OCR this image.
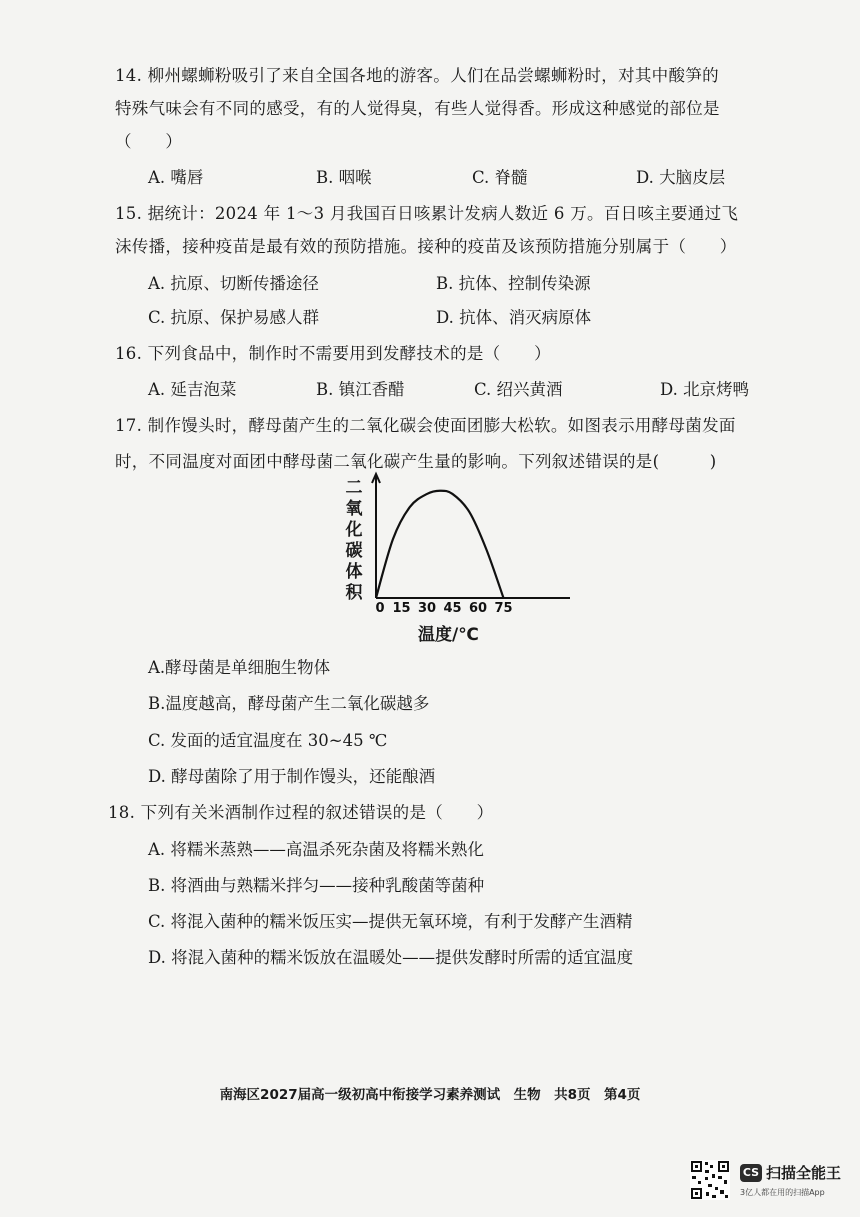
14. 柳州螺蛳粉吸引了来自全国各地的游客。人们在品尝螺蛳粉时，对其中酸笋的
特殊气味会有不同的感受，有的人觉得臭，有些人觉得香。形成这种感觉的部位是
（　　）
A. 嘴唇	B. 咽喉	C. 脊髓	D. 大脑皮层
15. 据统计：2024 年 1～3 月我国百日咳累计发病人数近 6 万。百日咳主要通过飞
沫传播，接种疫苗是最有效的预防措施。接种的疫苗及该预防措施分别属于（　　）
A. 抗原、切断传播途径	B. 抗体、控制传染源
C. 抗原、保护易感人群	D. 抗体、消灭病原体
16. 下列食品中，制作时不需要用到发酵技术的是（　　）
A. 延吉泡菜	B. 镇江香醋	C. 绍兴黄酒	D. 北京烤鸭
17. 制作馒头时，酵母菌产生的二氧化碳会使面团膨大松软。如图表示用酵母菌发面
时，不同温度对面团中酵母菌二氧化碳产生量的影响。下列叙述错误的是(　　　)
二
氧
化
碳
体
积
0 15 30 45 60 75
温度/℃
A.酵母菌是单细胞生物体
B.温度越高，酵母菌产生二氧化碳越多
C. 发面的适宜温度在 30~45 ℃
D. 酵母菌除了用于制作馒头，还能酿酒
18. 下列有关米酒制作过程的叙述错误的是（　　）
A. 将糯米蒸熟——高温杀死杂菌及将糯米熟化
B. 将酒曲与熟糯米拌匀——接种乳酸菌等菌种
C. 将混入菌种的糯米饭压实—提供无氧环境，有利于发酵产生酒精
D. 将混入菌种的糯米饭放在温暖处——提供发酵时所需的适宜温度
南海区2027届高一级初高中衔接学习素养测试　生物　共8页　第4页
CS 扫描全能王
3亿人都在用的扫描App
